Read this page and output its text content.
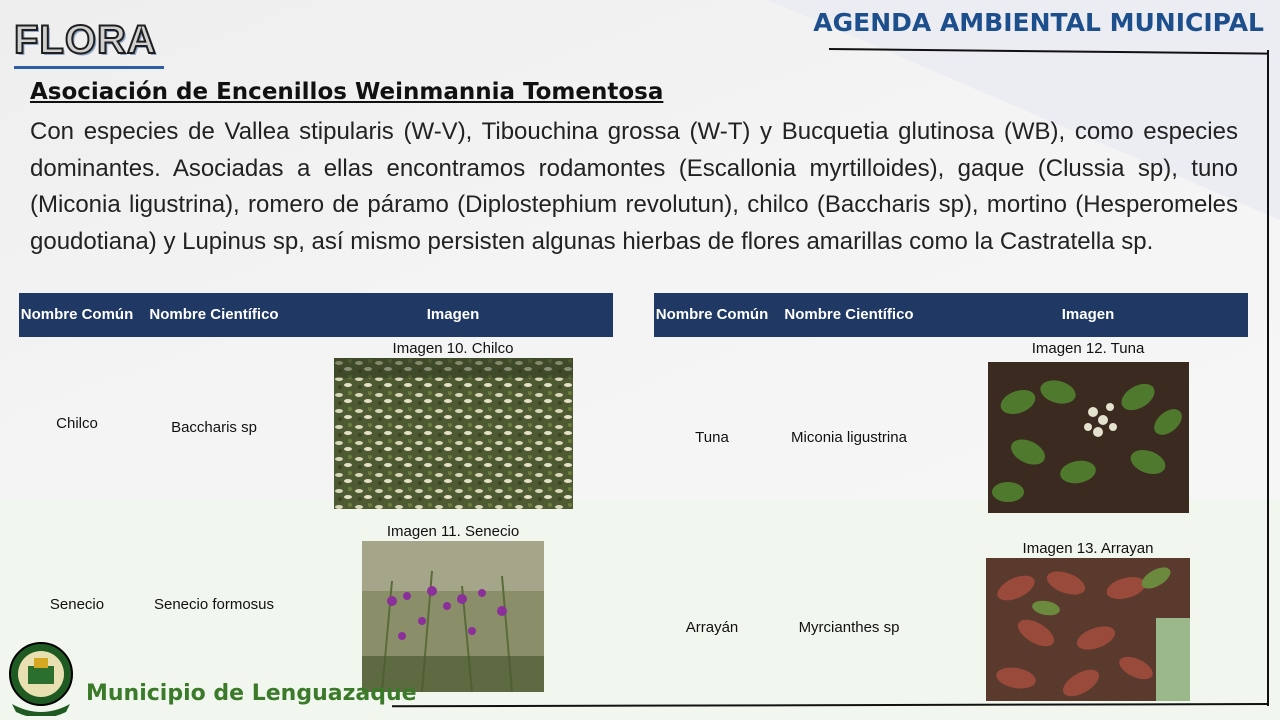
FLORA	AGENDA AMBIENTAL MUNICIPAL
Asociación de Encenillos Weinmannia Tomentosa
Con especies de Vallea stipularis (W-V), Tibouchina grossa (W-T) y Bucquetia glutinosa (WB), como especies dominantes. Asociadas a ellas encontramos rodamontes (Escallonia myrtilloides), gaque (Clussia sp), tuno (Miconia ligustrina), romero de páramo (Diplostephium revolutun), chilco (Baccharis sp), mortino (Hesperomeles goudotiana) y Lupinus sp, así mismo persisten algunas hierbas de flores amarillas como la Castratella sp.
Nombre Común	Nombre Científico	Imagen
Chilco	Baccharis sp	Imagen 10. Chilco

Senecio	Senecio formosus	Imagen 11. Senecio
Nombre Común	Nombre Científico	Imagen
Tuna	Miconia ligustrina	Imagen 12. Tuna

Arrayán	Myrcianthes sp	Imagen 13. Arrayan
Municipio de Lenguazaque
